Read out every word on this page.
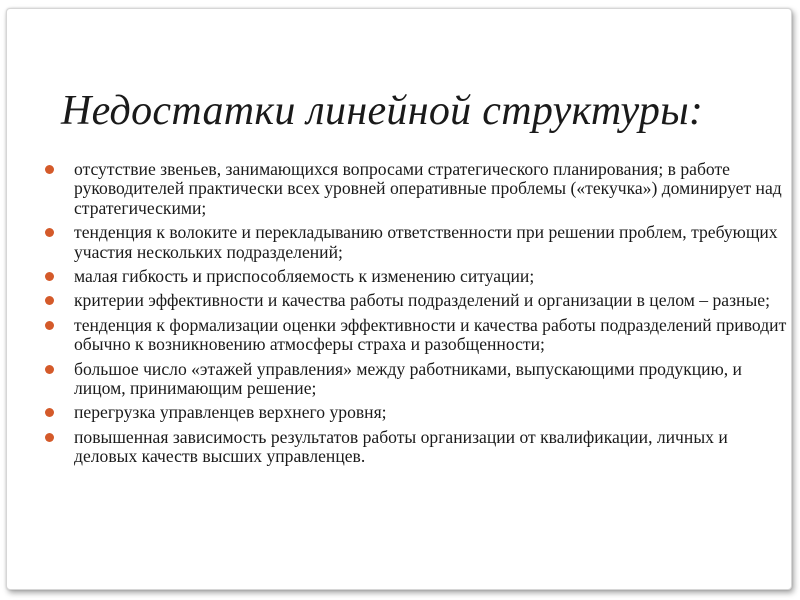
Недостатки линейной структуры:
отсутствие звеньев, занимающихся вопросами стратегического планирования; в работе руководителей практически всех уровней оперативные проблемы («текучка») доминирует над стратегическими;
тенденция к волоките и перекладыванию ответственности при решении проблем, требующих участия нескольких подразделений;
малая гибкость и приспособляемость к изменению ситуации;
критерии эффективности и качества работы подразделений и организации в целом – разные;
тенденция к формализации оценки эффективности и качества работы подразделений приводит обычно к возникновению атмосферы страха и разобщенности;
большое число «этажей управления» между работниками, выпускающими продукцию, и лицом, принимающим решение;
перегрузка управленцев верхнего уровня;
повышенная зависимость результатов работы организации от квалификации, личных и деловых качеств высших управленцев.
